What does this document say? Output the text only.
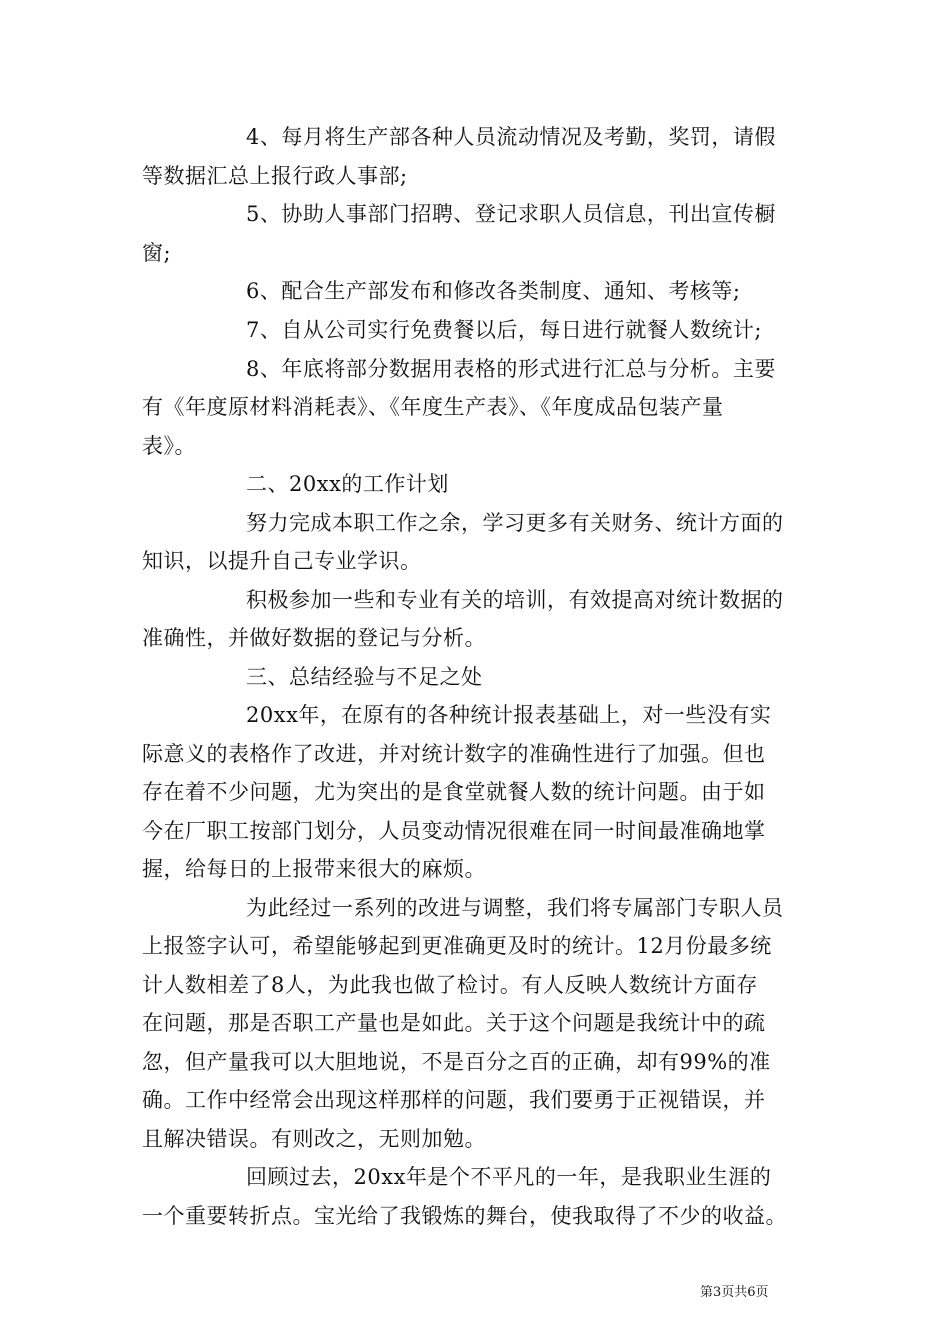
4、每月将生产部各种人员流动情况及考勤，奖罚，请假
等数据汇总上报行政人事部;
5、协助人事部门招聘、登记求职人员信息，刊出宣传橱
窗;
6、配合生产部发布和修改各类制度、通知、考核等;
7、自从公司实行免费餐以后，每日进行就餐人数统计;
8、年底将部分数据用表格的形式进行汇总与分析。主要
有《年度原材料消耗表》、《年度生产表》、《年度成品包装产量
表》。
二、20xx的工作计划
努力完成本职工作之余，学习更多有关财务、统计方面的
知识，以提升自己专业学识。
积极参加一些和专业有关的培训，有效提高对统计数据的
准确性，并做好数据的登记与分析。
三、总结经验与不足之处
20xx年，在原有的各种统计报表基础上，对一些没有实
际意义的表格作了改进，并对统计数字的准确性进行了加强。但也
存在着不少问题，尤为突出的是食堂就餐人数的统计问题。由于如
今在厂职工按部门划分，人员变动情况很难在同一时间最准确地掌
握，给每日的上报带来很大的麻烦。
为此经过一系列的改进与调整，我们将专属部门专职人员
上报签字认可，希望能够起到更准确更及时的统计。12月份最多统
计人数相差了8人，为此我也做了检讨。有人反映人数统计方面存
在问题，那是否职工产量也是如此。关于这个问题是我统计中的疏
忽，但产量我可以大胆地说，不是百分之百的正确，却有99%的准
确。工作中经常会出现这样那样的问题，我们要勇于正视错误，并
且解决错误。有则改之，无则加勉。
回顾过去，20xx年是个不平凡的一年，是我职业生涯的
一个重要转折点。宝光给了我锻炼的舞台，使我取得了不少的收益。
第3页共6页
